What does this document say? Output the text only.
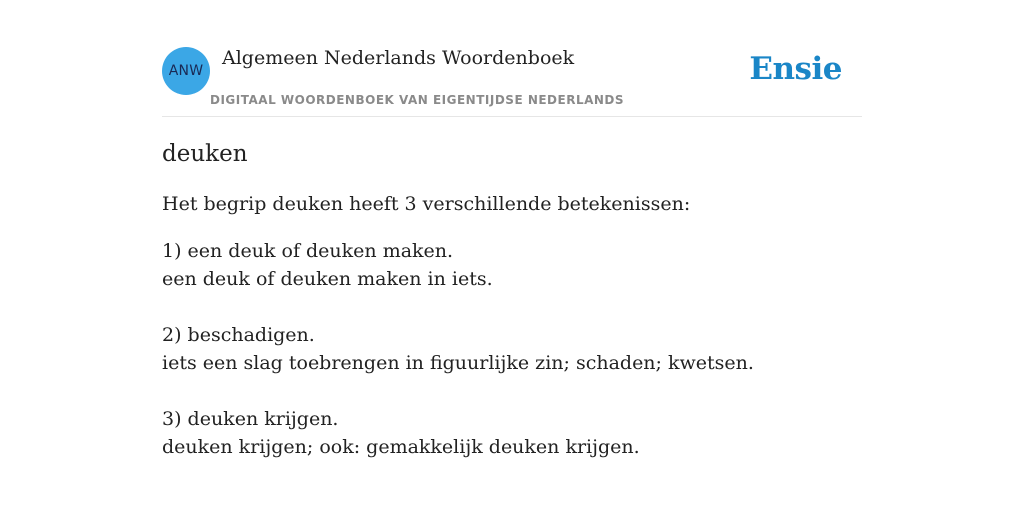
ANW
Algemeen Nederlands Woordenboek
DIGITAAL WOORDENBOEK VAN EIGENTIJDSE NEDERLANDS
Ensie
deuken

Het begrip deuken heeft 3 verschillende betekenissen:

1) een deuk of deuken maken.
een deuk of deuken maken in iets.
2) beschadigen.
iets een slag toebrengen in figuurlijke zin; schaden; kwetsen.
3) deuken krijgen.
deuken krijgen; ook: gemakkelijk deuken krijgen.
